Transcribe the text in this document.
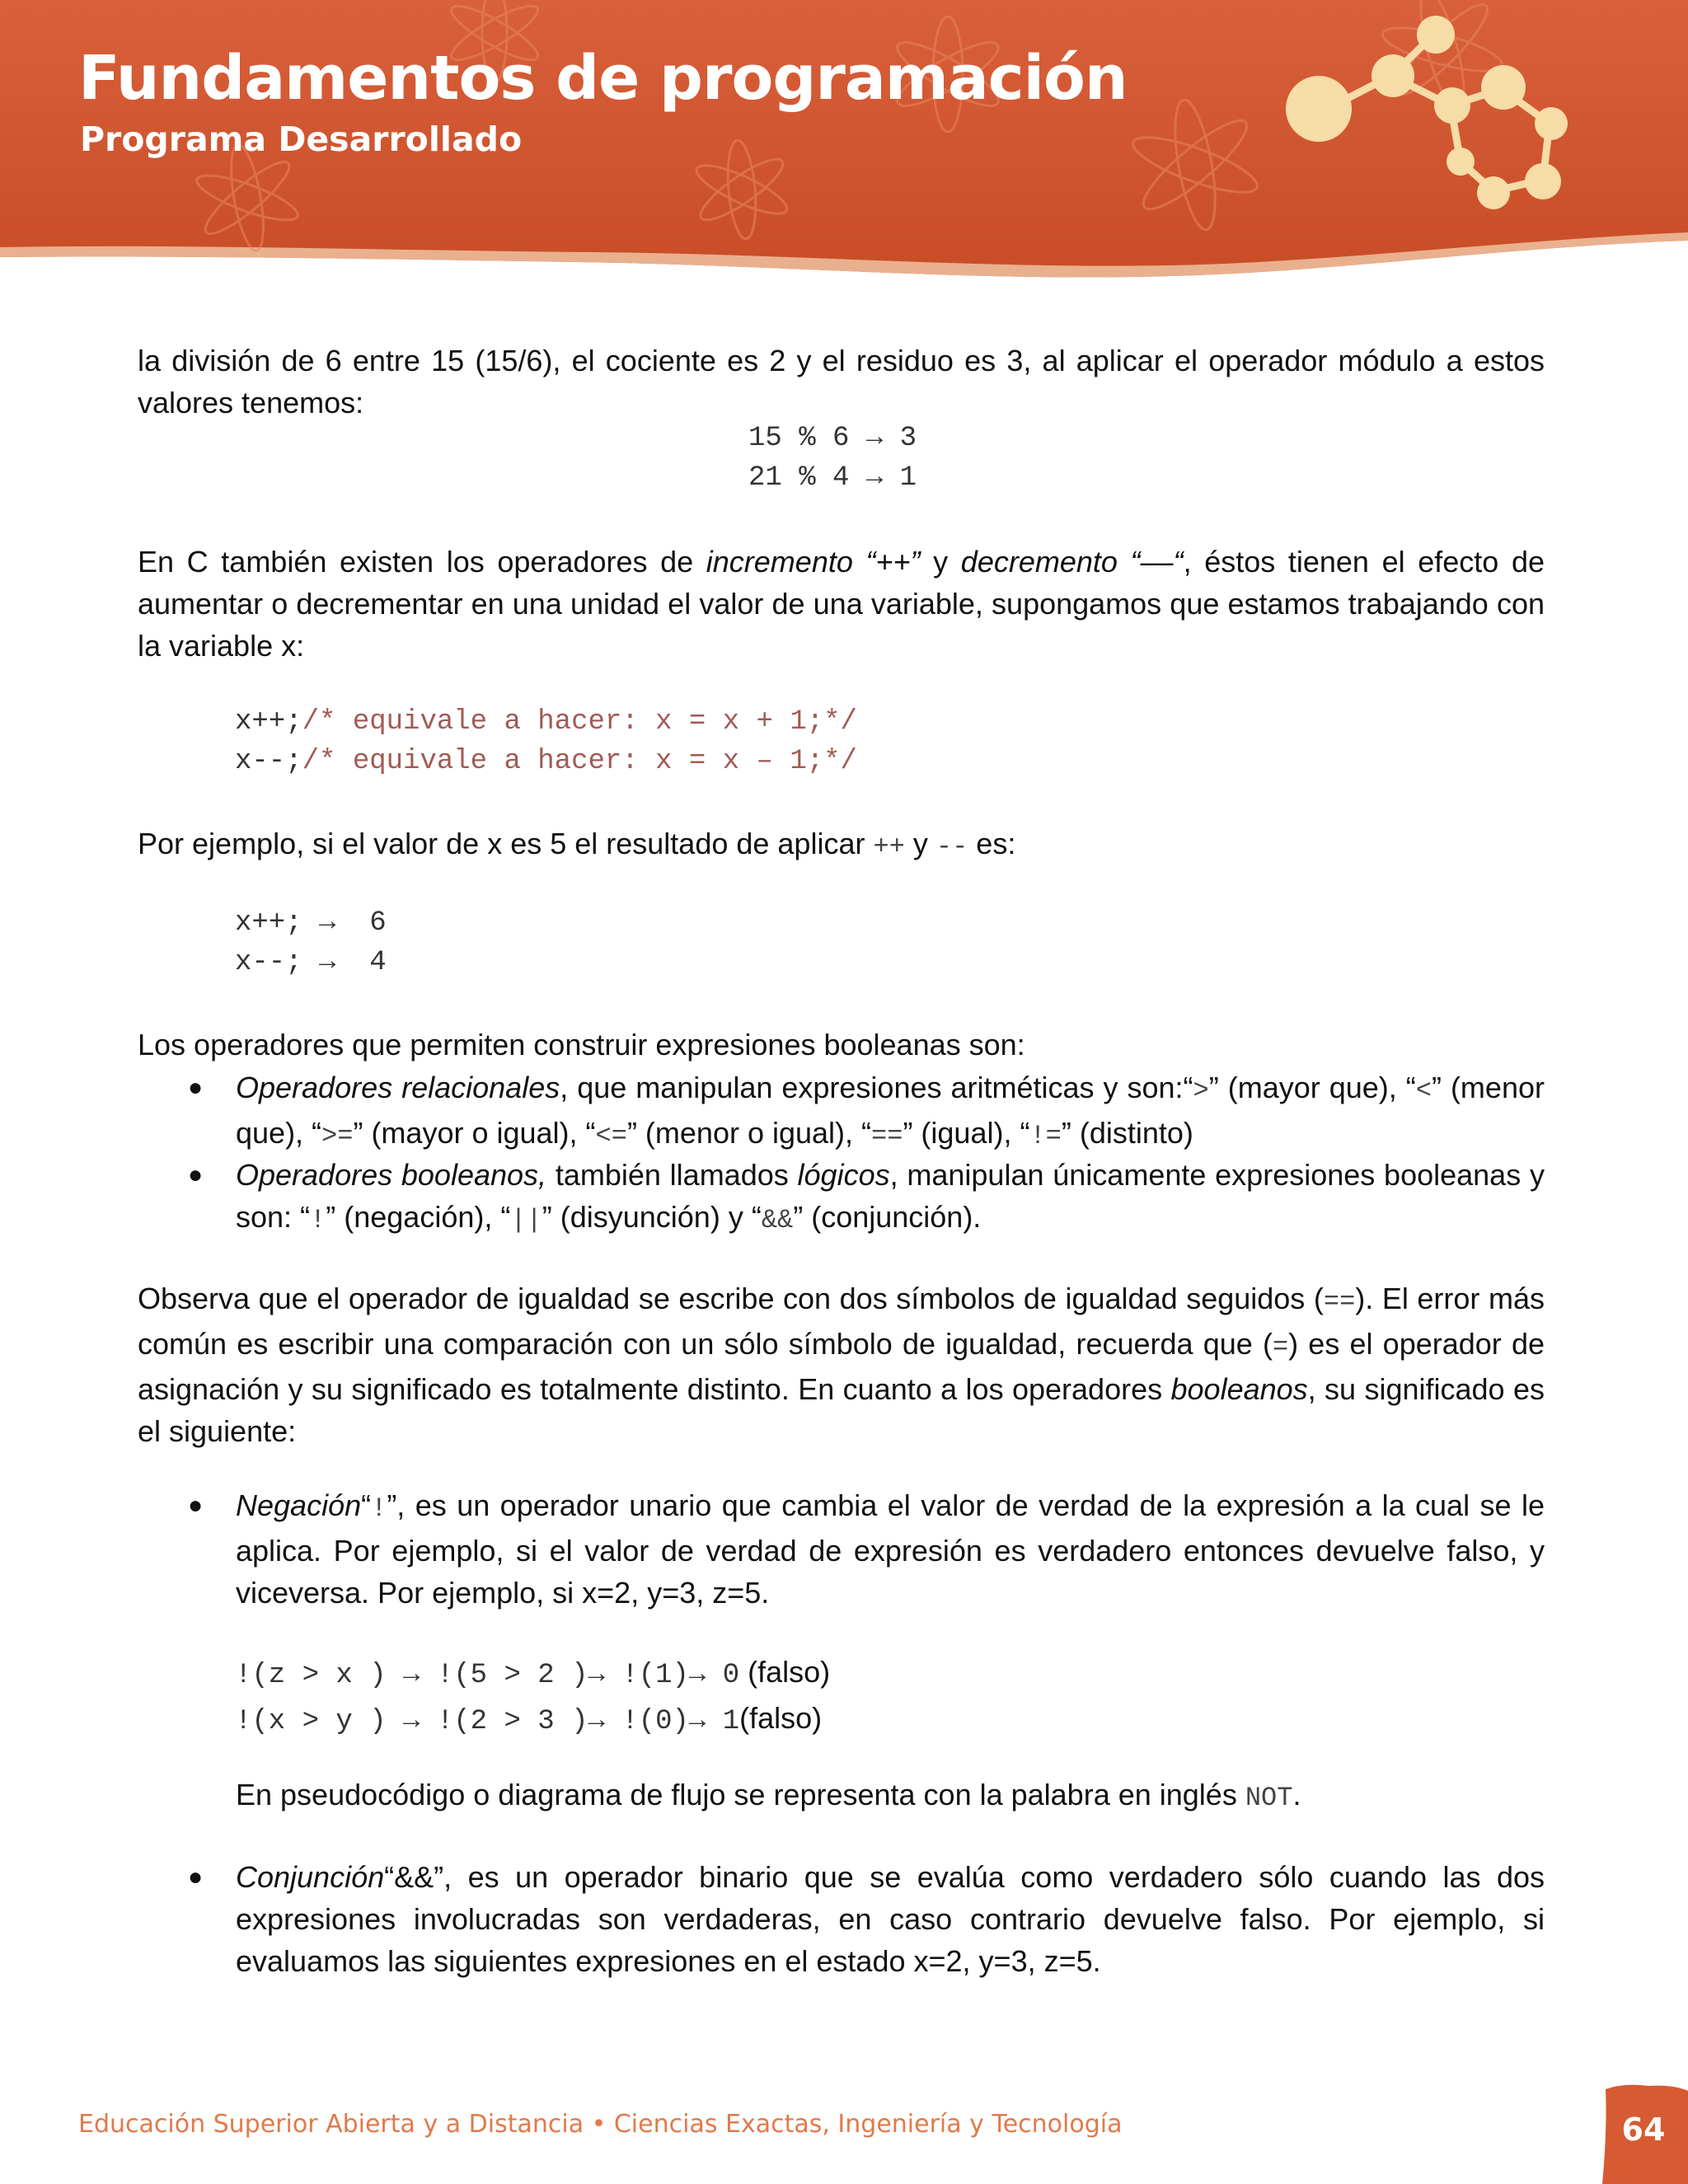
Fundamentos de programación
Programa Desarrollado

la división de 6 entre 15 (15/6), el cociente es 2 y el residuo es 3, al aplicar el operador módulo a estos valores tenemos:

15 % 6 → 3
21 % 4 → 1

En C también existen los operadores de incremento “++” y decremento “––“, éstos tienen el efecto de aumentar o decrementar en una unidad el valor de una variable, supongamos que estamos trabajando con la variable x:

x++;/* equivale a hacer: x = x + 1;*/
x--;/* equivale a hacer: x = x – 1;*/

Por ejemplo, si el valor de x es 5 el resultado de aplicar ++ y -- es:

x++; →  6
x--; →  4

Los operadores que permiten construir expresiones booleanas son:

● Operadores relacionales, que manipulan expresiones aritméticas y son:“>” (mayor que), “<” (menor que), “>=” (mayor o igual), “<=” (menor o igual), “==” (igual), “!=” (distinto)

● Operadores booleanos, también llamados lógicos, manipulan únicamente expresiones booleanas y son: “!” (negación), “||” (disyunción) y “&&” (conjunción).

Observa que el operador de igualdad se escribe con dos símbolos de igualdad seguidos (==). El error más común es escribir una comparación con un sólo símbolo de igualdad, recuerda que (=) es el operador de asignación y su significado es totalmente distinto. En cuanto a los operadores booleanos, su significado es el siguiente:

● Negación“!”, es un operador unario que cambia el valor de verdad de la expresión a la cual se le aplica. Por ejemplo, si el valor de verdad de expresión es verdadero entonces devuelve falso, y viceversa. Por ejemplo, si x=2, y=3, z=5.

!(z > x ) → !(5 > 2 )→ !(1)→ 0 (falso)
!(x > y ) → !(2 > 3 )→ !(0)→ 1(falso)

En pseudocódigo o diagrama de flujo se representa con la palabra en inglés NOT.

● Conjunción“&&”, es un operador binario que se evalúa como verdadero sólo cuando las dos expresiones involucradas son verdaderas, en caso contrario devuelve falso. Por ejemplo, si evaluamos las siguientes expresiones en el estado x=2, y=3, z=5.

Educación Superior Abierta y a Distancia • Ciencias Exactas, Ingeniería y Tecnología	64
